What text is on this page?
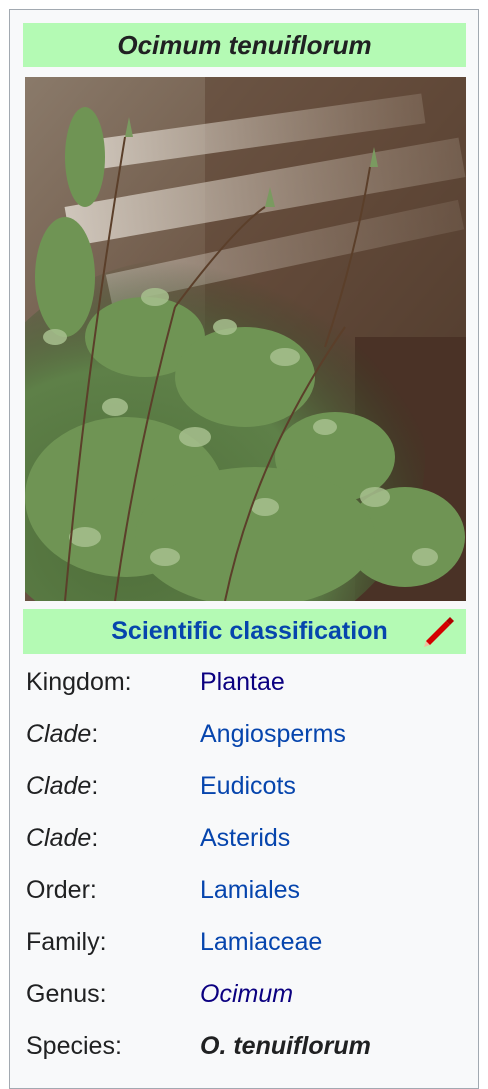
Ocimum tenuiflorum
Scientific classification
Kingdom:	Plantae
Clade:	Angiosperms
Clade:	Eudicots
Clade:	Asterids
Order:	Lamiales
Family:	Lamiaceae
Genus:	Ocimum
Species:	O. tenuiflorum
